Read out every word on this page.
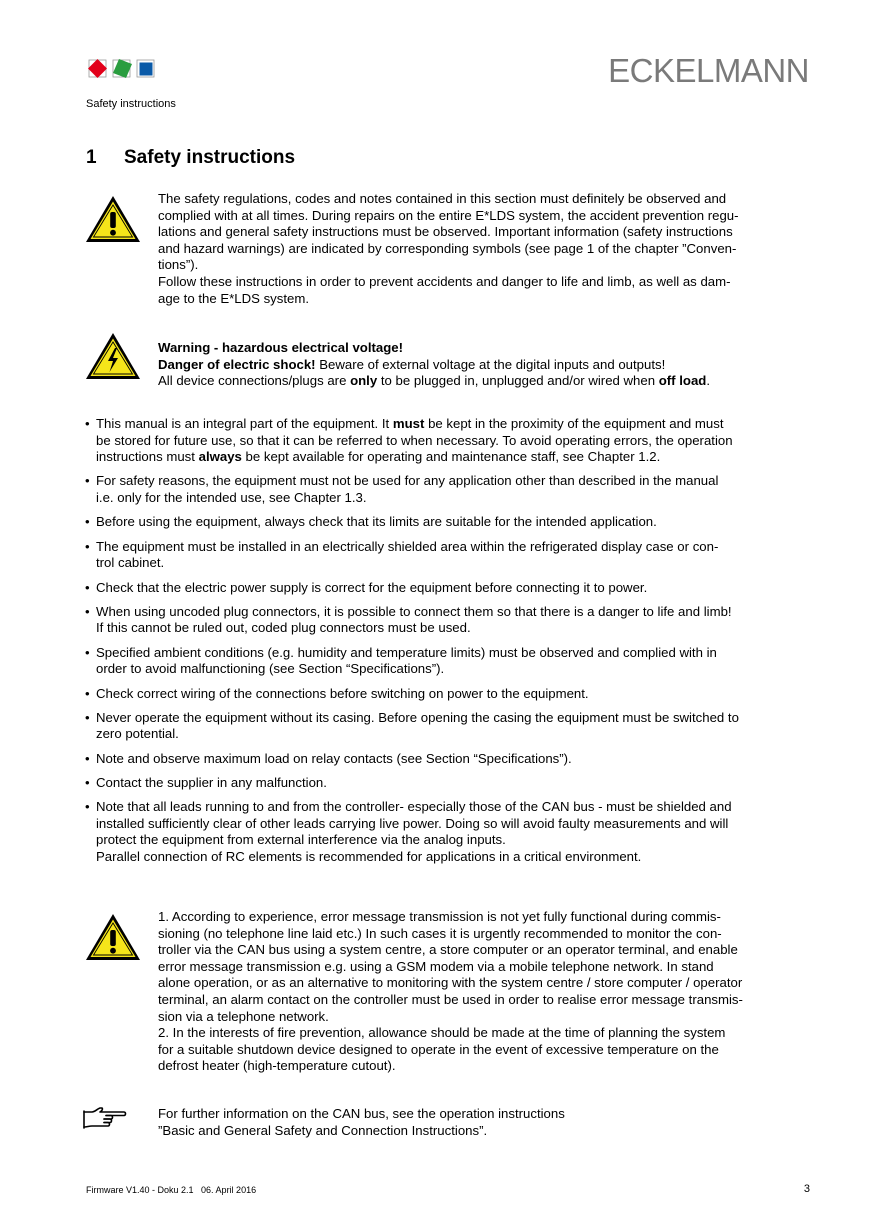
ECKELMANN
Safety instructions
1 Safety instructions

The safety regulations, codes and notes contained in this section must definitely be observed and
complied with at all times. During repairs on the entire E*LDS system, the accident prevention regu-
lations and general safety instructions must be observed. Important information (safety instructions
and hazard warnings) are indicated by corresponding symbols (see page 1 of the chapter ”Conven-
tions”).
Follow these instructions in order to prevent accidents and danger to life and limb, as well as dam-
age to the E*LDS system.

Warning - hazardous electrical voltage!

Danger of electric shock! Beware of external voltage at the digital inputs and outputs!

All device connections/plugs are only to be plugged in, unplugged and/or wired when off load.

• This manual is an integral part of the equipment. It must be kept in the proximity of the equipment and must
be stored for future use, so that it can be referred to when necessary. To avoid operating errors, the operation
instructions must always be kept available for operating and maintenance staff, see Chapter 1.2.
• For safety reasons, the equipment must not be used for any application other than described in the manual
i.e. only for the intended use, see Chapter 1.3.
• Before using the equipment, always check that its limits are suitable for the intended application.
• The equipment must be installed in an electrically shielded area within the refrigerated display case or con-
trol cabinet.
• Check that the electric power supply is correct for the equipment before connecting it to power.
• When using uncoded plug connectors, it is possible to connect them so that there is a danger to life and limb!
If this cannot be ruled out, coded plug connectors must be used.
• Specified ambient conditions (e.g. humidity and temperature limits) must be observed and complied with in
order to avoid malfunctioning (see Section “Specifications”).
• Check correct wiring of the connections before switching on power to the equipment.
• Never operate the equipment without its casing. Before opening the casing the equipment must be switched to
zero potential.
• Note and observe maximum load on relay contacts (see Section “Specifications”).
• Contact the supplier in any malfunction.
• Note that all leads running to and from the controller- especially those of the CAN bus - must be shielded and
installed sufficiently clear of other leads carrying live power. Doing so will avoid faulty measurements and will
protect the equipment from external interference via the analog inputs.
Parallel connection of RC elements is recommended for applications in a critical environment.

1. According to experience, error message transmission is not yet fully functional during commis-
sioning (no telephone line laid etc.) In such cases it is urgently recommended to monitor the con-
troller via the CAN bus using a system centre, a store computer or an operator terminal, and enable
error message transmission e.g. using a GSM modem via a mobile telephone network. In stand
alone operation, or as an alternative to monitoring with the system centre / store computer / operator
terminal, an alarm contact on the controller must be used in order to realise error message transmis-
sion via a telephone network.
2. In the interests of fire prevention, allowance should be made at the time of planning the system
for a suitable shutdown device designed to operate in the event of excessive temperature on the
defrost heater (high-temperature cutout).

For further information on the CAN bus, see the operation instructions

”Basic and General Safety and Connection Instructions”.

Firmware V1.40 - Doku 2.1   06. April 2016	3
